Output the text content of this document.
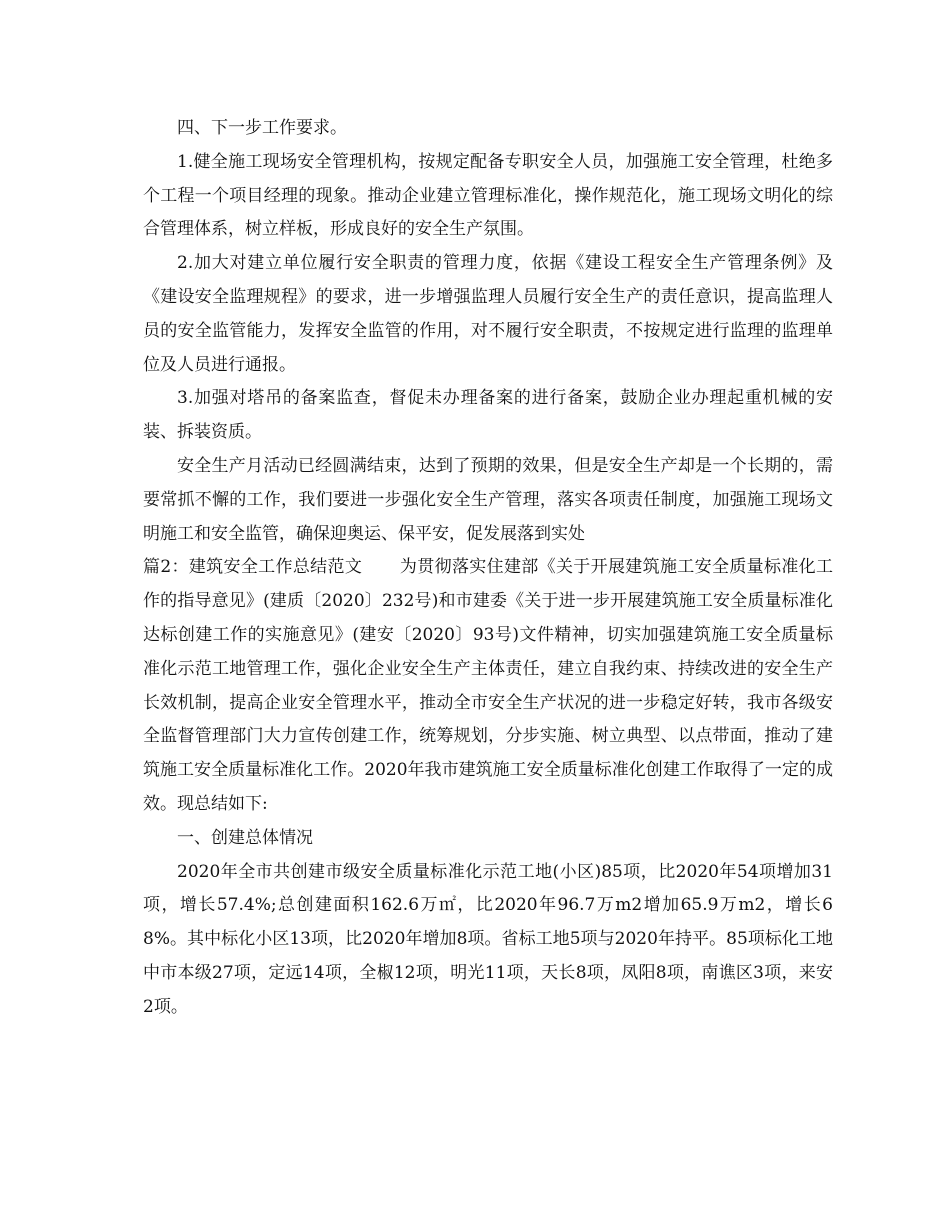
四、下一步工作要求。

1.健全施工现场安全管理机构，按规定配备专职安全人员，加强施工安全管理，杜绝多个工程一个项目经理的现象。推动企业建立管理标准化，操作规范化，施工现场文明化的综合管理体系，树立样板，形成良好的安全生产氛围。

2.加大对建立单位履行安全职责的管理力度，依据《建设工程安全生产管理条例》及《建设安全监理规程》的要求，进一步增强监理人员履行安全生产的责任意识，提高监理人员的安全监管能力，发挥安全监管的作用，对不履行安全职责，不按规定进行监理的监理单位及人员进行通报。

3.加强对塔吊的备案监查，督促未办理备案的进行备案，鼓励企业办理起重机械的安装、拆装资质。

安全生产月活动已经圆满结束，达到了预期的效果，但是安全生产却是一个长期的，需要常抓不懈的工作，我们要进一步强化安全生产管理，落实各项责任制度，加强施工现场文明施工和安全监管，确保迎奥运、保平安，促发展落到实处

篇2：建筑安全工作总结范文 为贯彻落实住建部《关于开展建筑施工安全质量标准化工作的指导意见》(建质〔2020〕232号)和市建委《关于进一步开展建筑施工安全质量标准化达标创建工作的实施意见》(建安〔2020〕93号)文件精神，切实加强建筑施工安全质量标准化示范工地管理工作，强化企业安全生产主体责任，建立自我约束、持续改进的安全生产长效机制，提高企业安全管理水平，推动全市安全生产状况的进一步稳定好转，我市各级安全监督管理部门大力宣传创建工作，统筹规划，分步实施、树立典型、以点带面，推动了建筑施工安全质量标准化工作。2020年我市建筑施工安全质量标准化创建工作取得了一定的成效。现总结如下:

一、创建总体情况

2020年全市共创建市级安全质量标准化示范工地(小区)85项，比2020年54项增加31项，增长57.4%;总创建面积162.6万㎡，比2020年96.7万m2增加65.9万m2，增长68%。其中标化小区13项，比2020年增加8项。省标工地5项与2020年持平。85项标化工地中市本级27项，定远14项，全椒12项，明光11项，天长8项，凤阳8项，南谯区3项，来安2项。
